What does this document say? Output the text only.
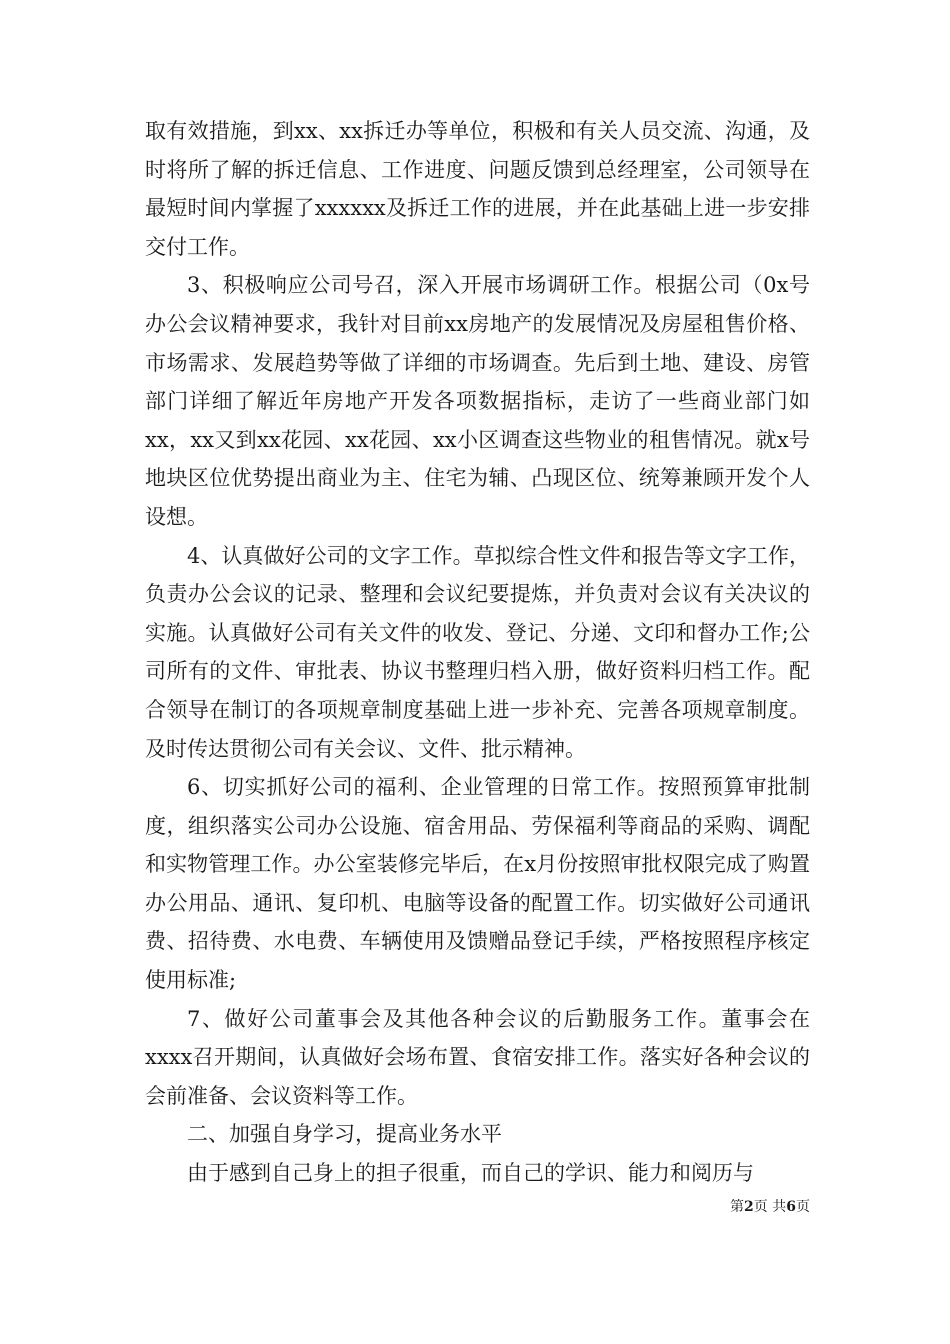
取有效措施，到xx、xx拆迁办等单位，积极和有关人员交流、沟通，及时将所了解的拆迁信息、工作进度、问题反馈到总经理室，公司领导在最短时间内掌握了xxxxxx及拆迁工作的进展，并在此基础上进一步安排交付工作。

3、积极响应公司号召，深入开展市场调研工作。根据公司（0x号办公会议精神要求，我针对目前xx房地产的发展情况及房屋租售价格、市场需求、发展趋势等做了详细的市场调查。先后到土地、建设、房管部门详细了解近年房地产开发各项数据指标，走访了一些商业部门如xx，xx又到xx花园、xx花园、xx小区调查这些物业的租售情况。就x号地块区位优势提出商业为主、住宅为辅、凸现区位、统筹兼顾开发个人设想。

4、认真做好公司的文字工作。草拟综合性文件和报告等文字工作，负责办公会议的记录、整理和会议纪要提炼，并负责对会议有关决议的实施。认真做好公司有关文件的收发、登记、分递、文印和督办工作;公司所有的文件、审批表、协议书整理归档入册，做好资料归档工作。配合领导在制订的各项规章制度基础上进一步补充、完善各项规章制度。及时传达贯彻公司有关会议、文件、批示精神。

6、切实抓好公司的福利、企业管理的日常工作。按照预算审批制度，组织落实公司办公设施、宿舍用品、劳保福利等商品的采购、调配和实物管理工作。办公室装修完毕后，在x月份按照审批权限完成了购置办公用品、通讯、复印机、电脑等设备的配置工作。切实做好公司通讯费、招待费、水电费、车辆使用及馈赠品登记手续，严格按照程序核定使用标准;

7、做好公司董事会及其他各种会议的后勤服务工作。董事会在xxxx召开期间，认真做好会场布置、食宿安排工作。落实好各种会议的会前准备、会议资料等工作。

二、加强自身学习，提高业务水平

由于感到自己身上的担子很重，而自己的学识、能力和阅历与

第2页 共6页
